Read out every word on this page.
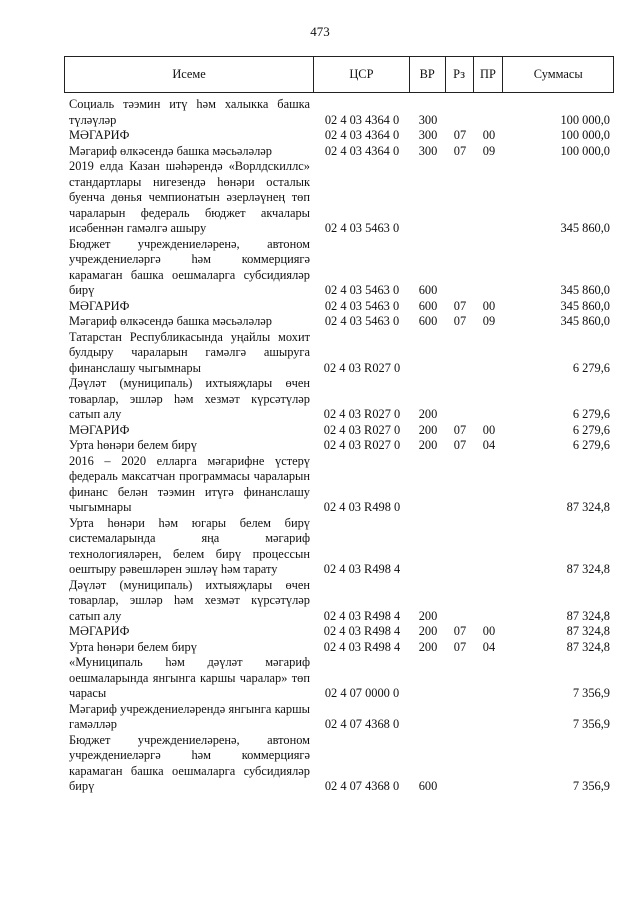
473
Исеме	ЦСР	ВР	Рз	ПР	Суммасы
Социаль тәэмин итү һәм халыкка башка түләүләр	02 4 03 4364 0	300	100 000,0
МӘГАРИФ	02 4 03 4364 0	300	07	00	100 000,0
Мәгариф өлкәсендә башка мәсьәләләр	02 4 03 4364 0	300	07	09	100 000,0
2019 елда Казан шәһәрендә «Ворлдскиллс» стандартлары нигезендә һөнәри осталык буенча дөнья чемпионатын әзерләүнең төп чараларын федераль бюджет акчалары исәбеннән гамәлгә ашыру	02 4 03 5463 0	345 860,0
Бюджет учреждениеләренә, автоном учреждениеләргә һәм коммерциягә карамаган башка оешмаларга субсидияләр бирү	02 4 03 5463 0	600	345 860,0
МӘГАРИФ	02 4 03 5463 0	600	07	00	345 860,0
Мәгариф өлкәсендә башка мәсьәләләр	02 4 03 5463 0	600	07	09	345 860,0
Татарстан Республикасында уңайлы мохит булдыру чараларын гамәлгә ашыруга финанслашу чыгымнары	02 4 03 R027 0	6 279,6
Дәүләт (муниципаль) ихтыяҗлары өчен товарлар, эшләр һәм хезмәт күрсәтүләр сатып алу	02 4 03 R027 0	200	6 279,6
МӘГАРИФ	02 4 03 R027 0	200	07	00	6 279,6
Урта һөнәри белем бирү	02 4 03 R027 0	200	07	04	6 279,6
2016 – 2020 елларга мәгарифне үстерү федераль максатчан программасы чараларын финанс белән тәэмин итүгә финанслашу чыгымнары	02 4 03 R498 0	87 324,8
Урта һөнәри һәм югары белем бирү системаларында яңа мәгариф технологияләрен, белем бирү процессын оештыру рәвешләрен эшләү һәм тарату	02 4 03 R498 4	87 324,8
Дәүләт (муниципаль) ихтыяҗлары өчен товарлар, эшләр һәм хезмәт күрсәтүләр сатып алу	02 4 03 R498 4	200	87 324,8
МӘГАРИФ	02 4 03 R498 4	200	07	00	87 324,8
Урта һөнәри белем бирү	02 4 03 R498 4	200	07	04	87 324,8
«Муниципаль һәм дәүләт мәгариф оешмаларында янгынга каршы чаралар» төп чарасы	02 4 07 0000 0	7 356,9
Мәгариф учреждениеләрендә янгынга каршы гамәлләр	02 4 07 4368 0	7 356,9
Бюджет учреждениеләренә, автоном учреждениеләргә һәм коммерциягә карамаган башка оешмаларга субсидияләр бирү	02 4 07 4368 0	600	7 356,9
